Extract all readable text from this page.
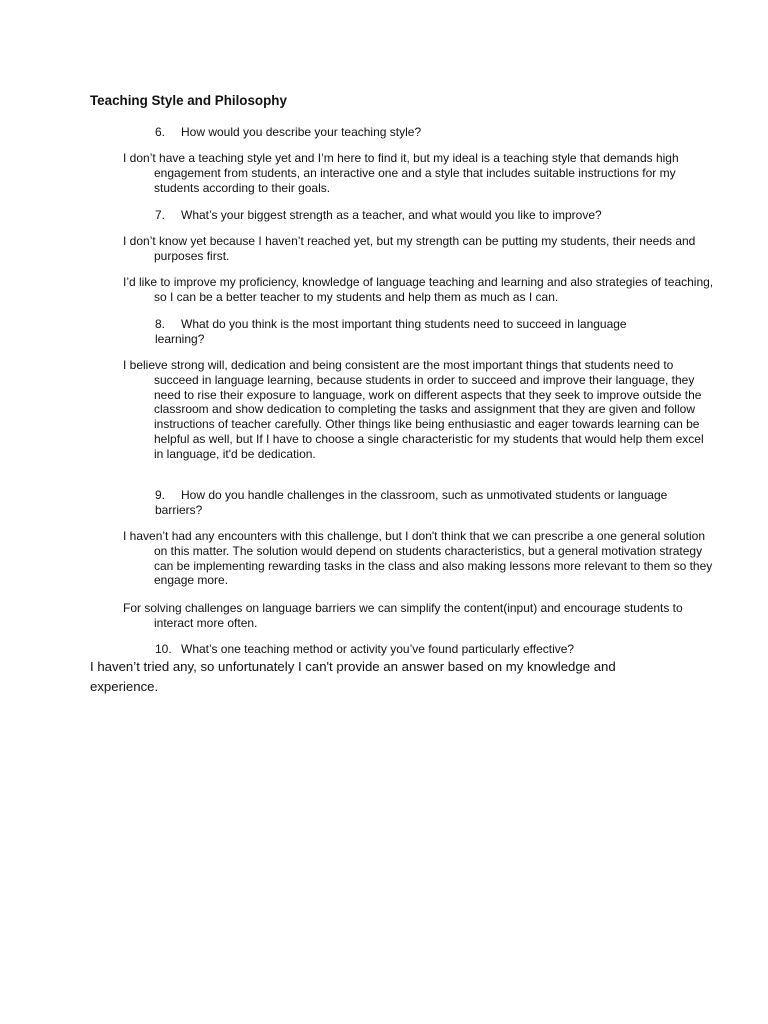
Teaching Style and Philosophy

6. How would you describe your teaching style?

I don’t have a teaching style yet and I’m here to find it, but my ideal is a teaching style that demands high engagement from students, an interactive one and a style that includes suitable instructions for my students according to their goals.

7. What’s your biggest strength as a teacher, and what would you like to improve?

I don’t know yet because I haven’t reached yet, but my strength can be putting my students, their needs and purposes first.

I’d like to improve my proficiency, knowledge of language teaching and learning and also strategies of teaching, so I can be a better teacher to my students and help them as much as I can.

8. What do you think is the most important thing students need to succeed in language learning?

I believe strong will, dedication and being consistent are the most important things that students need to succeed in language learning, because students in order to succeed and improve their language, they need to rise their exposure to language, work on different aspects that they seek to improve outside the classroom and show dedication to completing the tasks and assignment that they are given and follow instructions of teacher carefully. Other things like being enthusiastic and eager towards learning can be helpful as well, but If I have to choose a single characteristic for my students that would help them excel in language, it'd be dedication.

9. How do you handle challenges in the classroom, such as unmotivated students or language barriers?

I haven’t had any encounters with this challenge, but I don't think that we can prescribe a one general solution on this matter. The solution would depend on students characteristics, but a general motivation strategy can be implementing rewarding tasks in the class and also making lessons more relevant to them so they engage more.

For solving challenges on language barriers we can simplify the content(input) and encourage students to interact more often.

10. What’s one teaching method or activity you’ve found particularly effective?

I haven’t tried any, so unfortunately I can't provide an answer based on my knowledge and experience.
